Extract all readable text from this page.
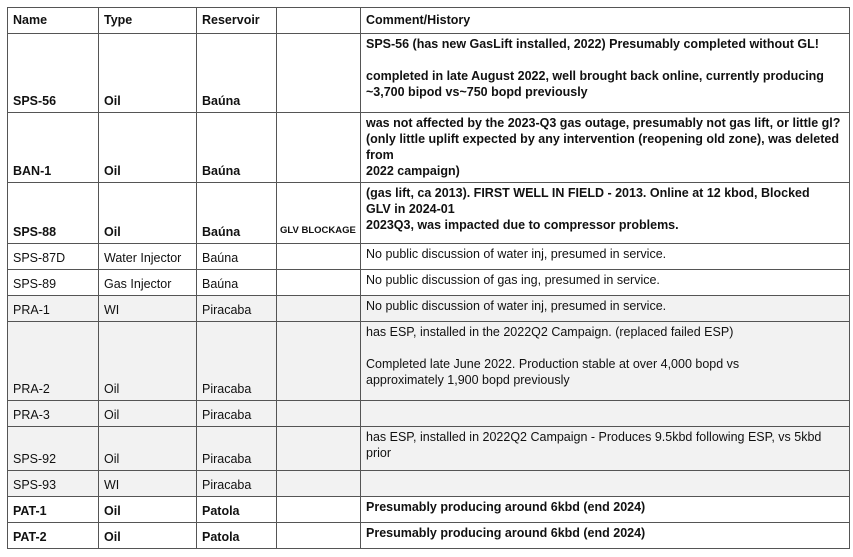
Name	Type	Reservoir		Comment/History
SPS-56	Oil	Baúna		SPS-56 (has new GasLift installed, 2022) Presumably completed without GL!
completed in late August 2022, well brought back online, currently producing
~3,700 bipod vs~750 bopd previously

BAN-1	Oil	Baúna		was not affected by the 2023-Q3 gas outage, presumably not gas lift, or little gl?
(only little uplift expected by any intervention (reopening old zone), was deleted from
2022 campaign)

SPS-88	Oil	Baúna	GLV BLOCKAGE	(gas lift, ca 2013). FIRST WELL IN FIELD - 2013. Online at 12 kbod, Blocked
GLV in 2024-01
2023Q3, was impacted due to compressor problems.

SPS-87D	Water Injector	Baúna		No public discussion of water inj, presumed in service.

SPS-89	Gas Injector	Baúna		No public discussion of gas ing, presumed in service.

PRA-1	WI	Piracaba		No public discussion of water inj, presumed in service.

PRA-2	Oil	Piracaba		has ESP, installed in the 2022Q2 Campaign. (replaced failed ESP)
Completed late June 2022. Production stable at over 4,000 bopd vs
approximately 1,900 bopd previously

PRA-3	Oil	Piracaba		
SPS-92	Oil	Piracaba		has ESP, installed in 2022Q2 Campaign - Produces 9.5kbd following ESP, vs 5kbd
prior

SPS-93	WI	Piracaba		
PAT-1	Oil	Patola		Presumably producing around 6kbd (end 2024)

PAT-2	Oil	Patola		Presumably producing around 6kbd (end 2024)
